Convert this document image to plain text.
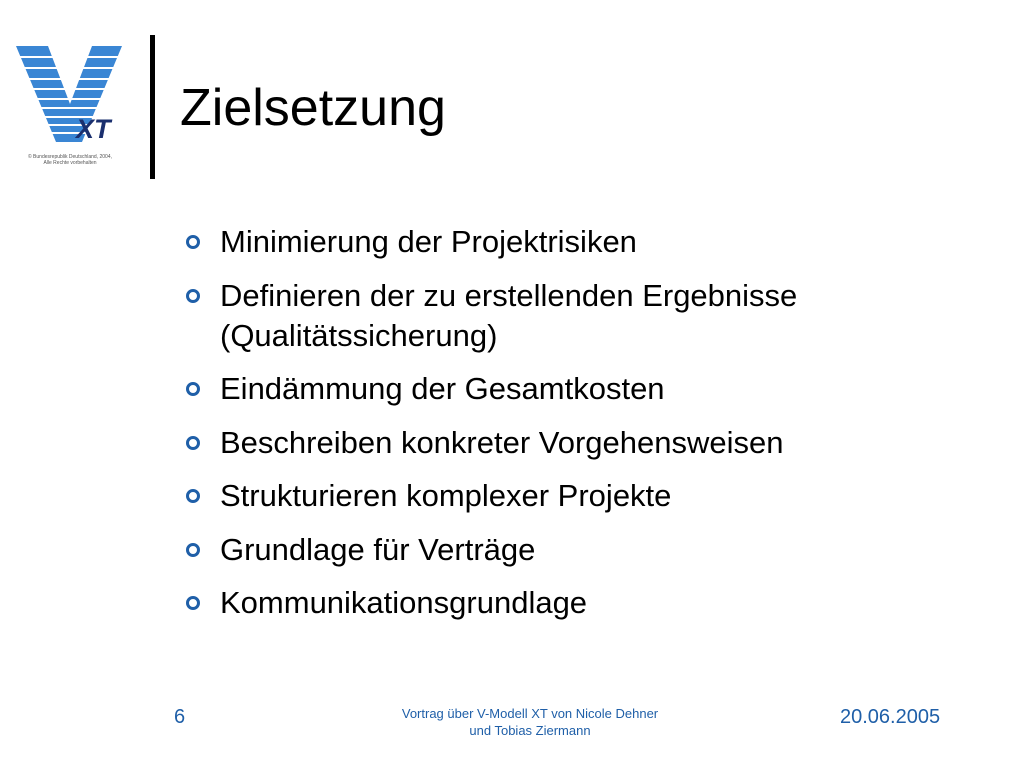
XT
© Bundesrepublik Deutschland, 2004,
Alle Rechte vorbehalten
Zielsetzung
Minimierung der Projektrisiken
Definieren der zu erstellenden Ergebnisse (Qualitätssicherung)
Eindämmung der Gesamtkosten
Beschreiben konkreter Vorgehensweisen
Strukturieren komplexer Projekte
Grundlage für Verträge
Kommunikationsgrundlage
6	Vortrag über V-Modell XT von Nicole Dehner
und Tobias Ziermann
20.06.2005
